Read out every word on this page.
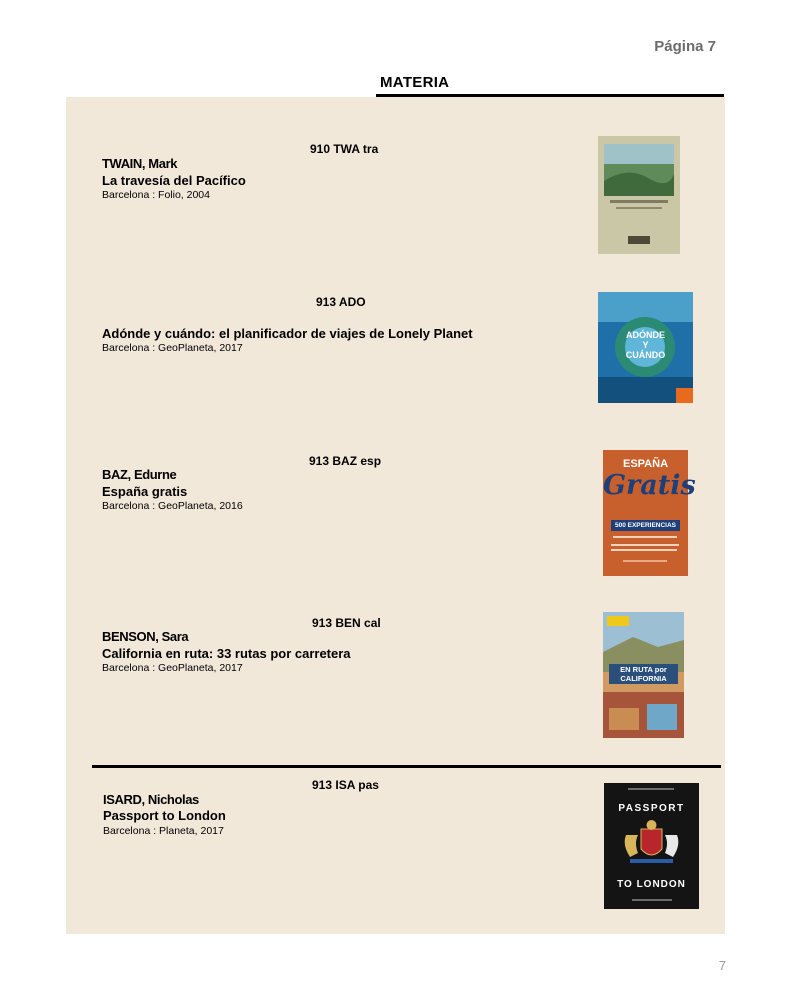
Página 7
MATERIA
910 TWA tra
TWAIN, Mark
La travesía del Pacífico
Barcelona : Folio, 2004
913 ADO
Adónde y cuándo: el planificador de viajes de Lonely Planet
Barcelona : GeoPlaneta, 2017
ADÓNDE
Y
CUÁNDO
913 BAZ esp
BAZ, Edurne
España gratis
Barcelona : GeoPlaneta, 2016
ESPAÑA
Gratis
500 EXPERIENCIAS
913 BEN cal
BENSON, Sara
California en ruta: 33 rutas por carretera
Barcelona : GeoPlaneta, 2017	EN RUTA por
CALIFORNIA
913 ISA pas
ISARD, Nicholas
Passport to London
Barcelona : Planeta, 2017
PASSPORT
TO LONDON
7
